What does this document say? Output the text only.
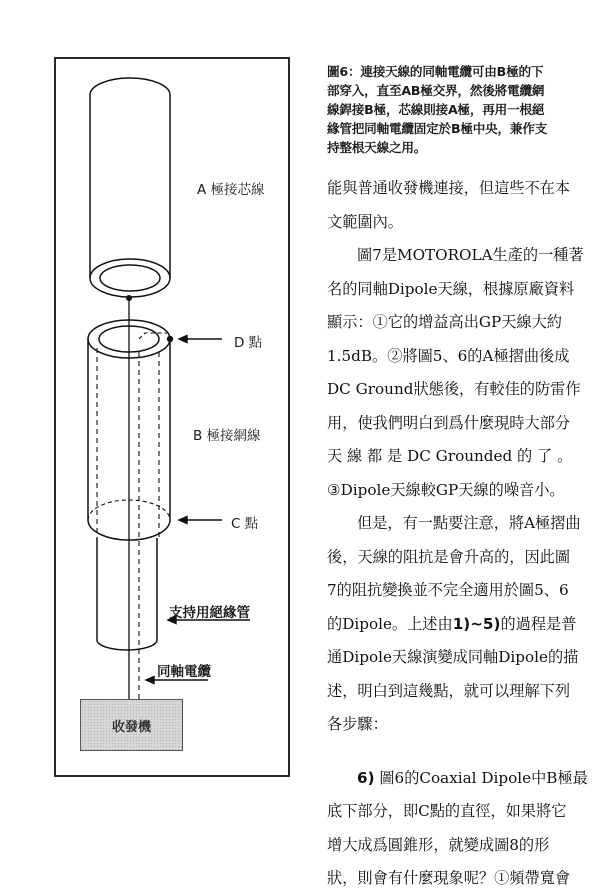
A 極接芯線
D 點
B 極接網線
C 點
支持用絕緣管
同軸電纜
收發機
圖6：連接天線的同軸電纜可由B極的下
部穿入，直至AB極交界，然後將電纜網
線銲接B極，芯線則接A極，再用一根絕
緣管把同軸電纜固定於B極中央，兼作支
持整根天線之用。
能與普通收發機連接，但這些不在本
文範圍內。
圖7是MOTOROLA生產的一種著
名的同軸Dipole天線，根據原廠資料
顯示：①它的增益高出GP天線大約
1.5dB。②將圖5、6的A極摺曲後成
DC Ground狀態後，有較佳的防雷作
用，使我們明白到爲什麼現時大部分
天 線 都 是 DC Grounded 的 了 。
③Dipole天線較GP天線的噪音小。
但是，有一點要注意，將A極摺曲
後，天線的阻抗是會升高的，因此圖
7的阻抗變換並不完全適用於圖5、6
的Dipole。上述由1)~5)的過程是普
通Dipole天線演變成同軸Dipole的描
述，明白到這幾點，就可以理解下列
各步驟：
6) 圖6的Coaxial Dipole中B極最
底下部分，即C點的直徑，如果將它
增大成爲圓錐形，就變成圖8的形
狀，則會有什麼現象呢？①頻帶寬會
